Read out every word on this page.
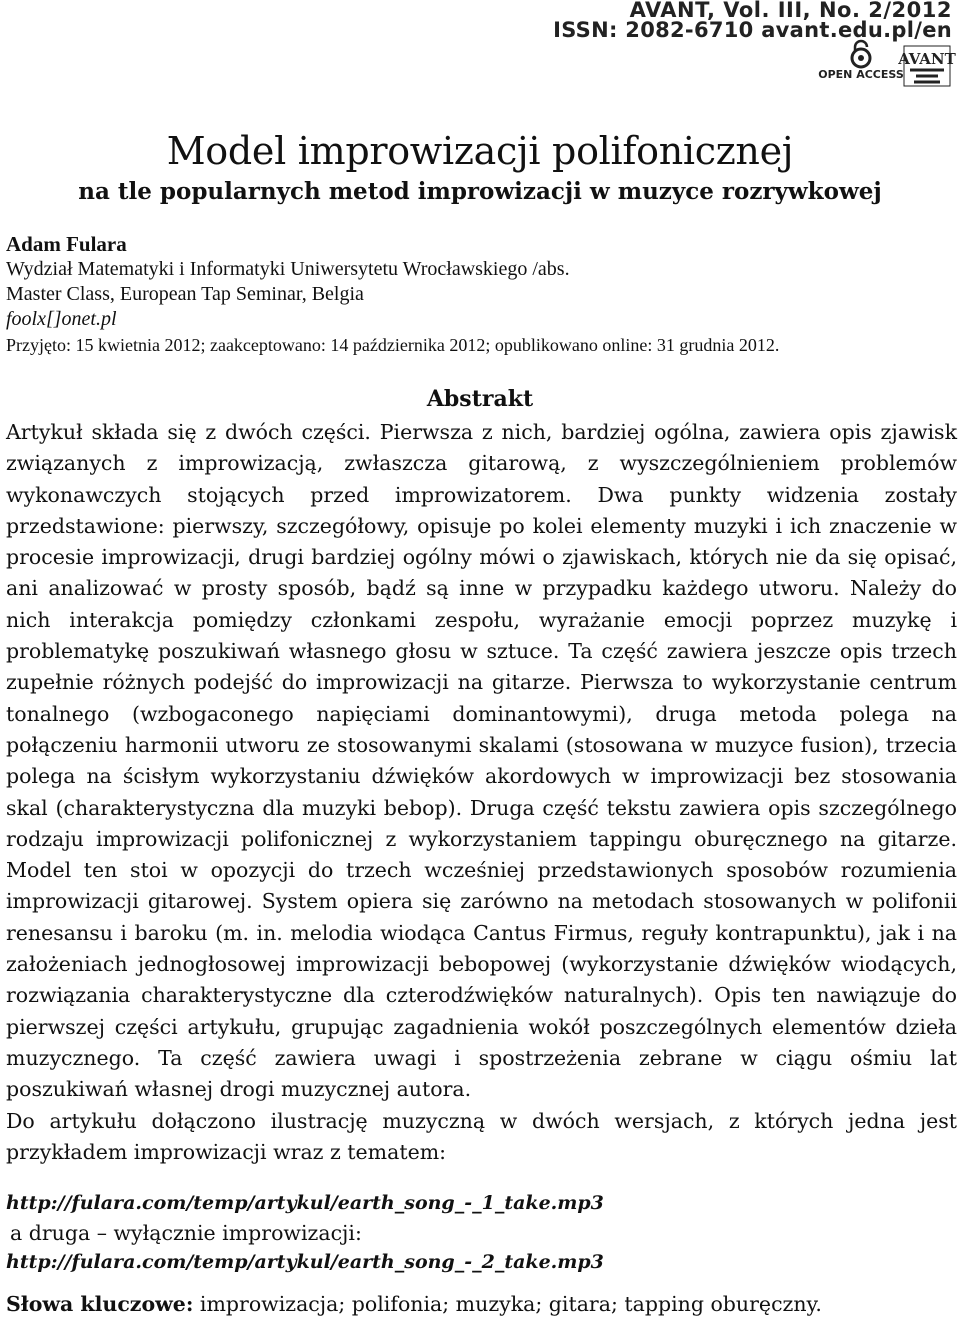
AVANT, Vol. III, No. 2/2012
ISSN: 2082-6710 avant.edu.pl/en
OPEN ACCESS
AVANT
Model improwizacji polifonicznej
na tle popularnych metod improwizacji w muzyce rozrywkowej
Adam Fulara
Wydział Matematyki i Informatyki Uniwersytetu Wrocławskiego /abs.
Master Class, European Tap Seminar, Belgia
foolx[]onet.pl
Przyjęto: 15 kwietnia 2012; zaakceptowano: 14 października 2012; opublikowano online: 31 grudnia 2012.
Abstrakt

Artykuł składa się z dwóch części. Pierwsza z nich, bardziej ogólna, zawiera opis zjawisk związanych z improwizacją, zwłaszcza gitarową, z wyszczególnieniem problemów wykonawczych stojących przed improwizatorem. Dwa punkty widzenia zostały przedstawione: pierwszy, szczegółowy, opisuje po kolei elementy muzyki i ich znaczenie w procesie improwizacji, drugi bardziej ogólny mówi o zjawiskach, których nie da się opisać, ani analizować w prosty sposób, bądź są inne w przypadku każdego utworu. Należy do nich interakcja pomiędzy członkami zespołu, wyrażanie emocji poprzez muzykę i problematykę poszukiwań własnego głosu w sztuce. Ta część zawiera jeszcze opis trzech zupełnie różnych podejść do improwizacji na gitarze. Pierwsza to wykorzystanie centrum tonalnego (wzbogaconego napięciami dominantowymi), druga metoda polega na połączeniu harmonii utworu ze stosowanymi skalami (stosowana w muzyce fusion), trzecia polega na ścisłym wykorzystaniu dźwięków akordowych w improwizacji bez stosowania skal (charakterystyczna dla muzyki bebop). Druga część tekstu zawiera opis szczególnego rodzaju improwizacji polifonicznej z wykorzystaniem tappingu oburęcznego na gitarze. Model ten stoi w opozycji do trzech wcześniej przedstawionych sposobów rozumienia improwizacji gitarowej. System opiera się zarówno na metodach stosowanych w polifonii renesansu i baroku (m. in. melodia wiodąca Cantus Firmus, reguły kontrapunktu), jak i na założeniach jednogłosowej improwizacji bebopowej (wykorzystanie dźwięków wiodących, rozwiązania charakterystyczne dla czterodźwięków naturalnych). Opis ten nawiązuje do pierwszej części artykułu, grupując zagadnienia wokół poszczególnych elementów dzieła muzycznego. Ta część zawiera uwagi i spostrzeżenia zebrane w ciągu ośmiu lat poszukiwań własnej drogi muzycznej autora.

Do artykułu dołączono ilustrację muzyczną w dwóch wersjach, z których jedna jest przykładem improwizacji wraz z tematem:

http://fulara.com/temp/artykul/earth_song_-_1_take.mp3
a druga – wyłącznie improwizacji:
http://fulara.com/temp/artykul/earth_song_-_2_take.mp3
Słowa kluczowe: improwizacja; polifonia; muzyka; gitara; tapping oburęczny.
